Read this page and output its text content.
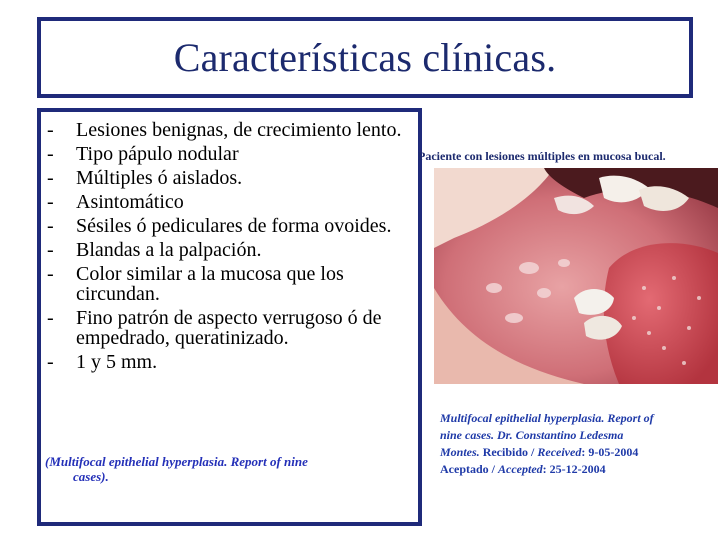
Características clínicas.
- Lesiones benignas, de crecimiento lento.
- Tipo pápulo nodular
- Múltiples ó aislados.
- Asintomático
- Sésiles ó pediculares de forma ovoides.
- Blandas a la palpación.
- Color similar a la mucosa que los circundan.
- Fino patrón de aspecto verrugoso ó de empedrado, queratinizado.
- 1 y 5 mm.
(Multifocal epithelial hyperplasia. Report of nine
cases).
Paciente con lesiones múltiples en mucosa bucal.
Multifocal epithelial hyperplasia. Report of
nine cases. Dr. Constantino Ledesma
Montes. Recibido / Received: 9-05-2004
Aceptado / Accepted: 25-12-2004
